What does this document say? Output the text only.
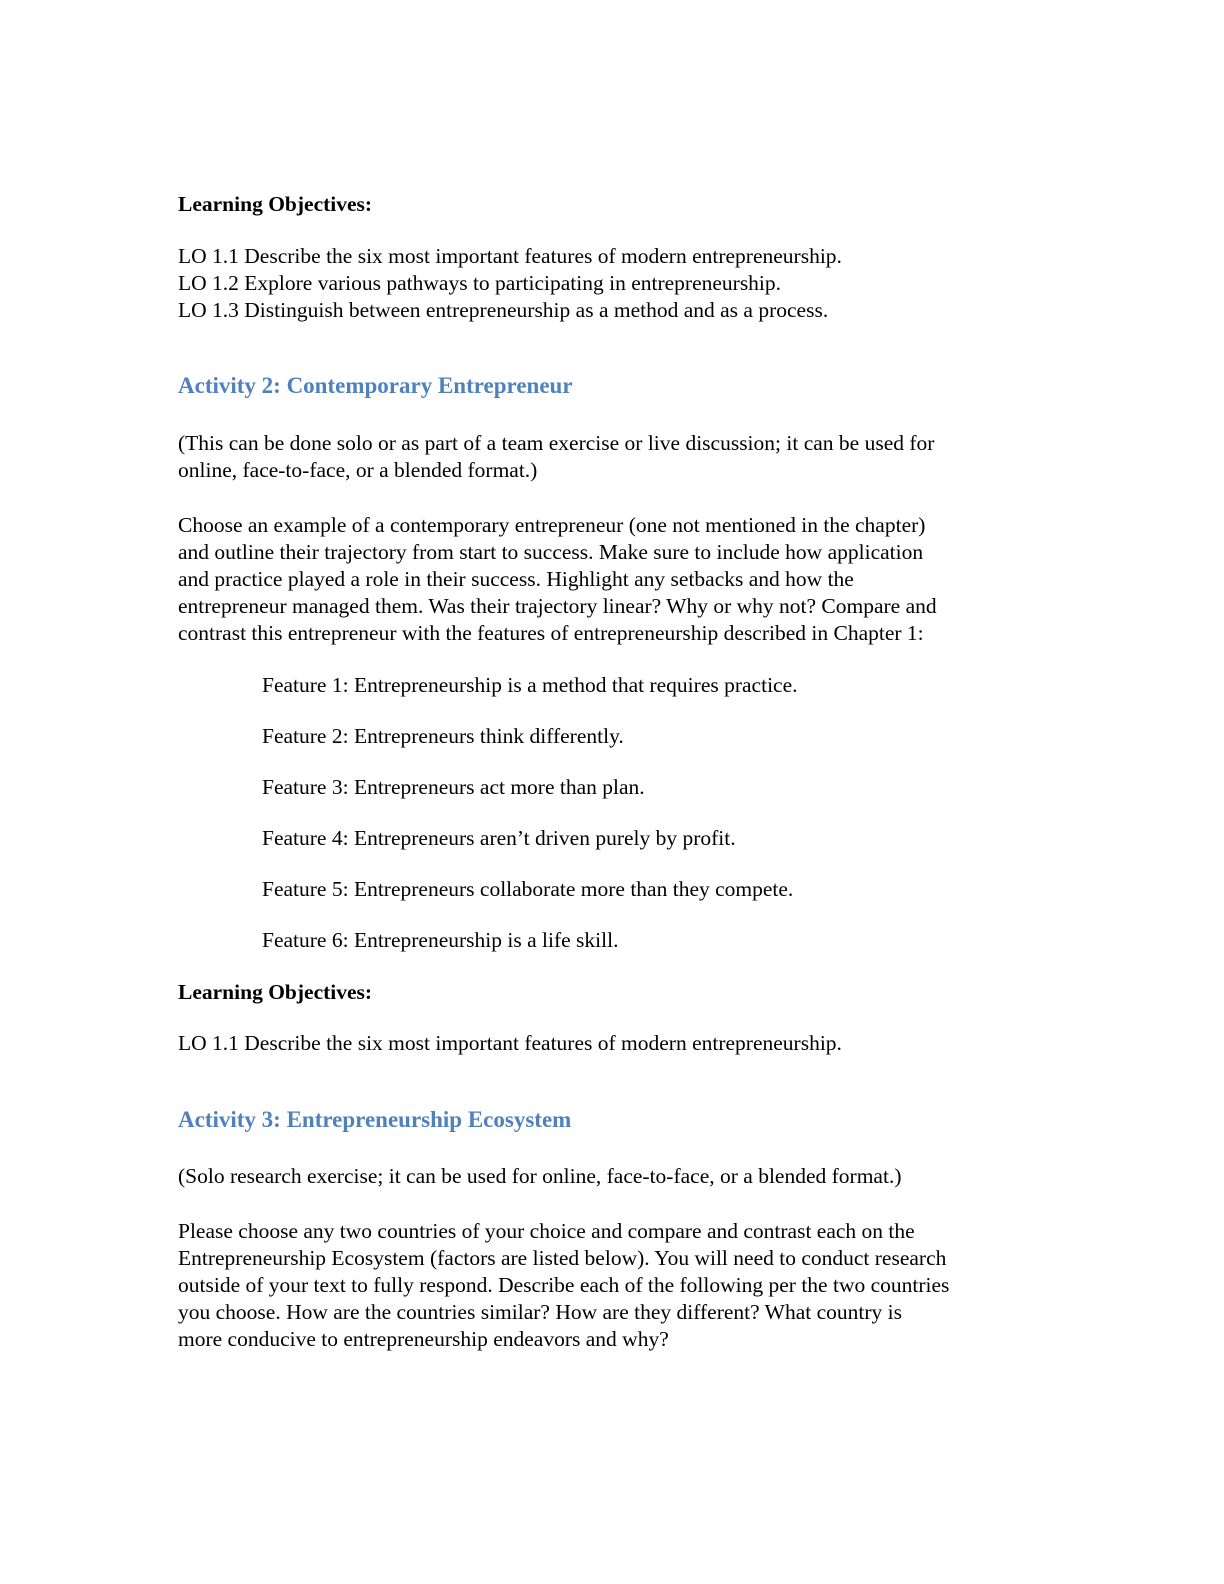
Learning Objectives:
LO 1.1 Describe the six most important features of modern entrepreneurship.
LO 1.2 Explore various pathways to participating in entrepreneurship.
LO 1.3 Distinguish between entrepreneurship as a method and as a process.
Activity 2: Contemporary Entrepreneur
(This can be done solo or as part of a team exercise or live discussion; it can be used for
online, face-to-face, or a blended format.)
Choose an example of a contemporary entrepreneur (one not mentioned in the chapter)
and outline their trajectory from start to success. Make sure to include how application
and practice played a role in their success. Highlight any setbacks and how the
entrepreneur managed them. Was their trajectory linear? Why or why not? Compare and
contrast this entrepreneur with the features of entrepreneurship described in Chapter 1:
Feature 1: Entrepreneurship is a method that requires practice.
Feature 2: Entrepreneurs think differently.
Feature 3: Entrepreneurs act more than plan.
Feature 4: Entrepreneurs aren’t driven purely by profit.
Feature 5: Entrepreneurs collaborate more than they compete.
Feature 6: Entrepreneurship is a life skill.
Learning Objectives:
LO 1.1 Describe the six most important features of modern entrepreneurship.
Activity 3: Entrepreneurship Ecosystem
(Solo research exercise; it can be used for online, face-to-face, or a blended format.)
Please choose any two countries of your choice and compare and contrast each on the
Entrepreneurship Ecosystem (factors are listed below). You will need to conduct research
outside of your text to fully respond. Describe each of the following per the two countries
you choose. How are the countries similar? How are they different? What country is
more conducive to entrepreneurship endeavors and why?
